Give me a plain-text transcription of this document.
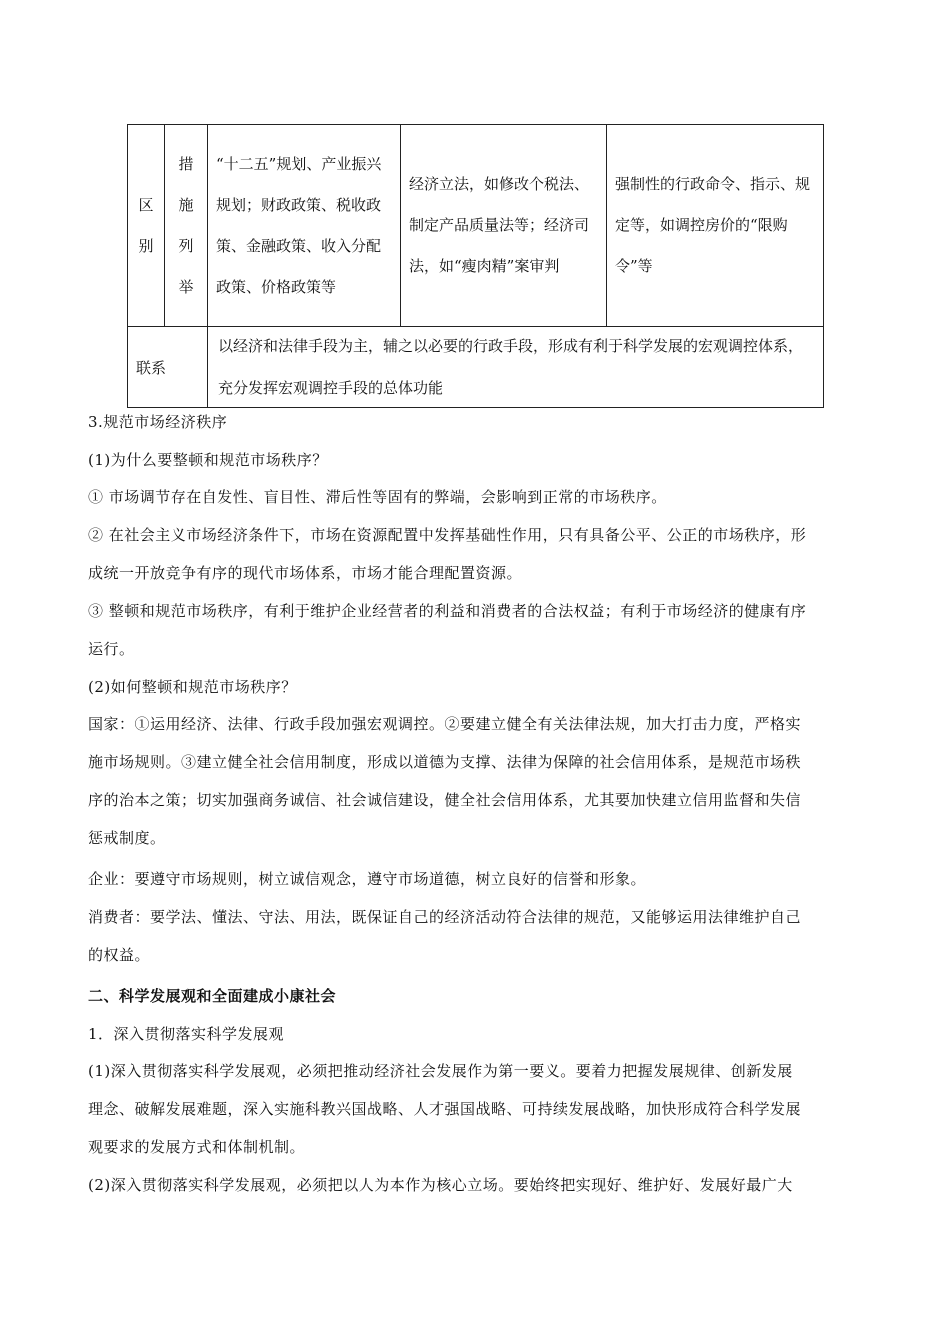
区
别
措
施
列
举
“十二五”规划、产业振兴规划；财政政策、税收政策、金融政策、收入分配政策、价格政策等
经济立法，如修改个税法、制定产品质量法等；经济司法，如“瘦肉精”案审判
强制性的行政命令、指示、规定等，如调控房价的“限购令”等
联系
以经济和法律手段为主，辅之以必要的行政手段，形成有利于科学发展的宏观调控体系，充分发挥宏观调控手段的总体功能
3.规范市场经济秩序
(1)为什么要整顿和规范市场秩序？
① 市场调节存在自发性、盲目性、滞后性等固有的弊端，会影响到正常的市场秩序。
② 在社会主义市场经济条件下，市场在资源配置中发挥基础性作用，只有具备公平、公正的市场秩序，形
成统一开放竞争有序的现代市场体系，市场才能合理配置资源。
③ 整顿和规范市场秩序，有利于维护企业经营者的利益和消费者的合法权益；有利于市场经济的健康有序
运行。
(2)如何整顿和规范市场秩序？
国家：①运用经济、法律、行政手段加强宏观调控。②要建立健全有关法律法规，加大打击力度，严格实
施市场规则。③建立健全社会信用制度，形成以道德为支撑、法律为保障的社会信用体系，是规范市场秩
序的治本之策；切实加强商务诚信、社会诚信建设，健全社会信用体系，尤其要加快建立信用监督和失信
惩戒制度。
企业：要遵守市场规则，树立诚信观念，遵守市场道德，树立良好的信誉和形象。
消费者：要学法、懂法、守法、用法，既保证自己的经济活动符合法律的规范，又能够运用法律维护自己
的权益。
二、科学发展观和全面建成小康社会
1．深入贯彻落实科学发展观
(1)深入贯彻落实科学发展观，必须把推动经济社会发展作为第一要义。要着力把握发展规律、创新发展
理念、破解发展难题，深入实施科教兴国战略、人才强国战略、可持续发展战略，加快形成符合科学发展
观要求的发展方式和体制机制。
(2)深入贯彻落实科学发展观，必须把以人为本作为核心立场。要始终把实现好、维护好、发展好最广大
